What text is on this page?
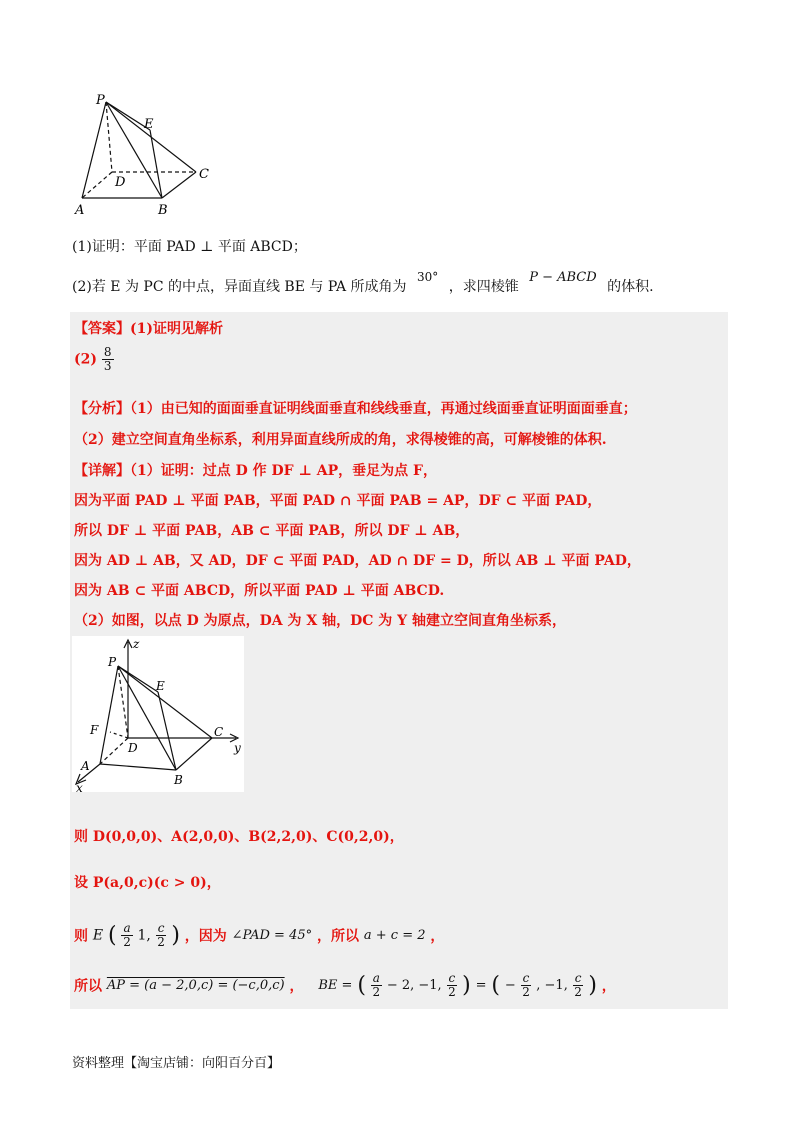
P
E
D
C
A	B
(1)证明：平面 PAD ⊥ 平面 ABCD；
(2)若 E 为 PC 的中点，异面直线 BE 与 PA 所成角为 30° ，求四棱锥 P − ABCD 的体积.
【答案】(1)证明见解析
$(2) \frac{8}{3}$
【分析】（1）由已知的面面垂直证明线面垂直和线线垂直，再通过线面垂直证明面面垂直；
（2）建立空间直角坐标系，利用异面直线所成的角，求得棱锥的高，可解棱锥的体积.
【详解】（1）证明：过点 D 作 DF ⊥ AP，垂足为点 F，
因为平面 PAD ⊥ 平面 PAB，平面 PAD ∩ 平面 PAB = AP，DF ⊂ 平面 PAD，
所以 DF ⊥ 平面 PAB，AB ⊂ 平面 PAB，所以 DF ⊥ AB，
因为 AD ⊥ AB，又 AD，DF ⊂ 平面 PAD，AD ∩ DF = D，所以 AB ⊥ 平面 PAD，
因为 AB ⊂ 平面 ABCD，所以平面 PAD ⊥ 平面 ABCD.
（2）如图，以点 D 为原点，DA 为 X 轴，DC 为 Y 轴建立空间直角坐标系，
z
P
E
F
D
C
y
A
B
x
则 D(0,0,0)、A(2,0,0)、B(2,2,0)、C(0,2,0)，
设 P(a,0,c)(c > 0)，
则 E ( $\frac{a}{2} 1$, $\frac{c}{2}$ ) ，因为 ∠PAD = 45° ，所以 a + c = 2 ，
所以 AP = (a − 2,0,c) = (−c,0,c) ， BE = ( $\frac{a}{2} - 2$, −1, $\frac{c}{2}$ ) = ( − $\frac{c}{2}$ , −1, $\frac{c}{2}$ ) ，
资料整理【淘宝店铺：向阳百分百】
